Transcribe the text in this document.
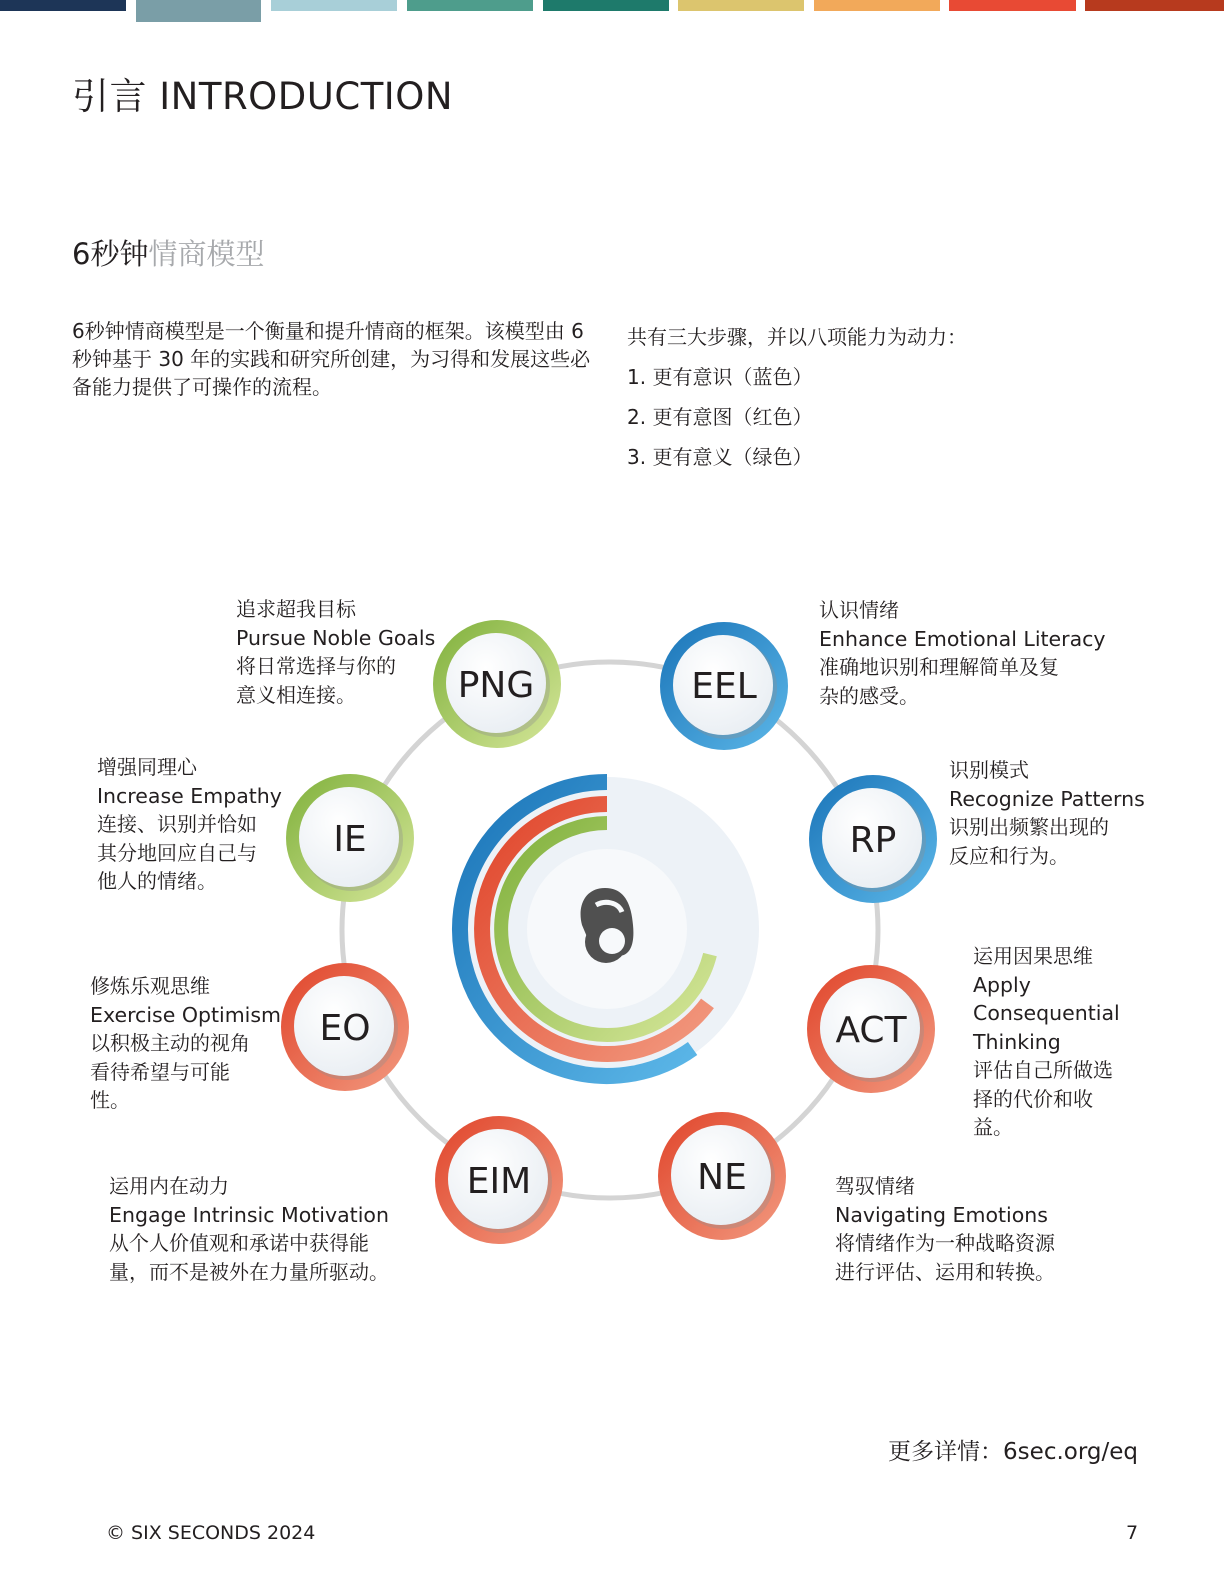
引言 INTRODUCTION
6秒钟情商模型

6秒钟情商模型是一个衡量和提升情商的框架。该模型由 6 秒钟基于 30 年的实践和研究所创建，为习得和发展这些必备能力提供了可操作的流程。

共有三大步骤，并以八项能力为动力：
1. 更有意识（蓝色）
2. 更有意图（红色）
3. 更有意义（绿色）
PNG	EEL
RP
ACT
NE
EIM
EO
IE
追求超我目标
Pursue Noble Goals
将日常选择与你的意义相连接。
认识情绪
Enhance Emotional Literacy
准确地识别和理解简单及复杂的感受。
识别模式
Recognize Patterns
识别出频繁出现的反应和行为。
运用因果思维
Apply Consequential Thinking
评估自己所做选择的代价和收益。
驾驭情绪
Navigating Emotions
将情绪作为一种战略资源进行评估、运用和转换。
运用内在动力
Engage Intrinsic Motivation
从个人价值观和承诺中获得能量，而不是被外在力量所驱动。
修炼乐观思维
Exercise Optimism
以积极主动的视角看待希望与可能性。
增强同理心
Increase Empathy
连接、识别并恰如其分地回应自己与他人的情绪。
更多详情：6sec.org/eq
© SIX SECONDS 2024	7
